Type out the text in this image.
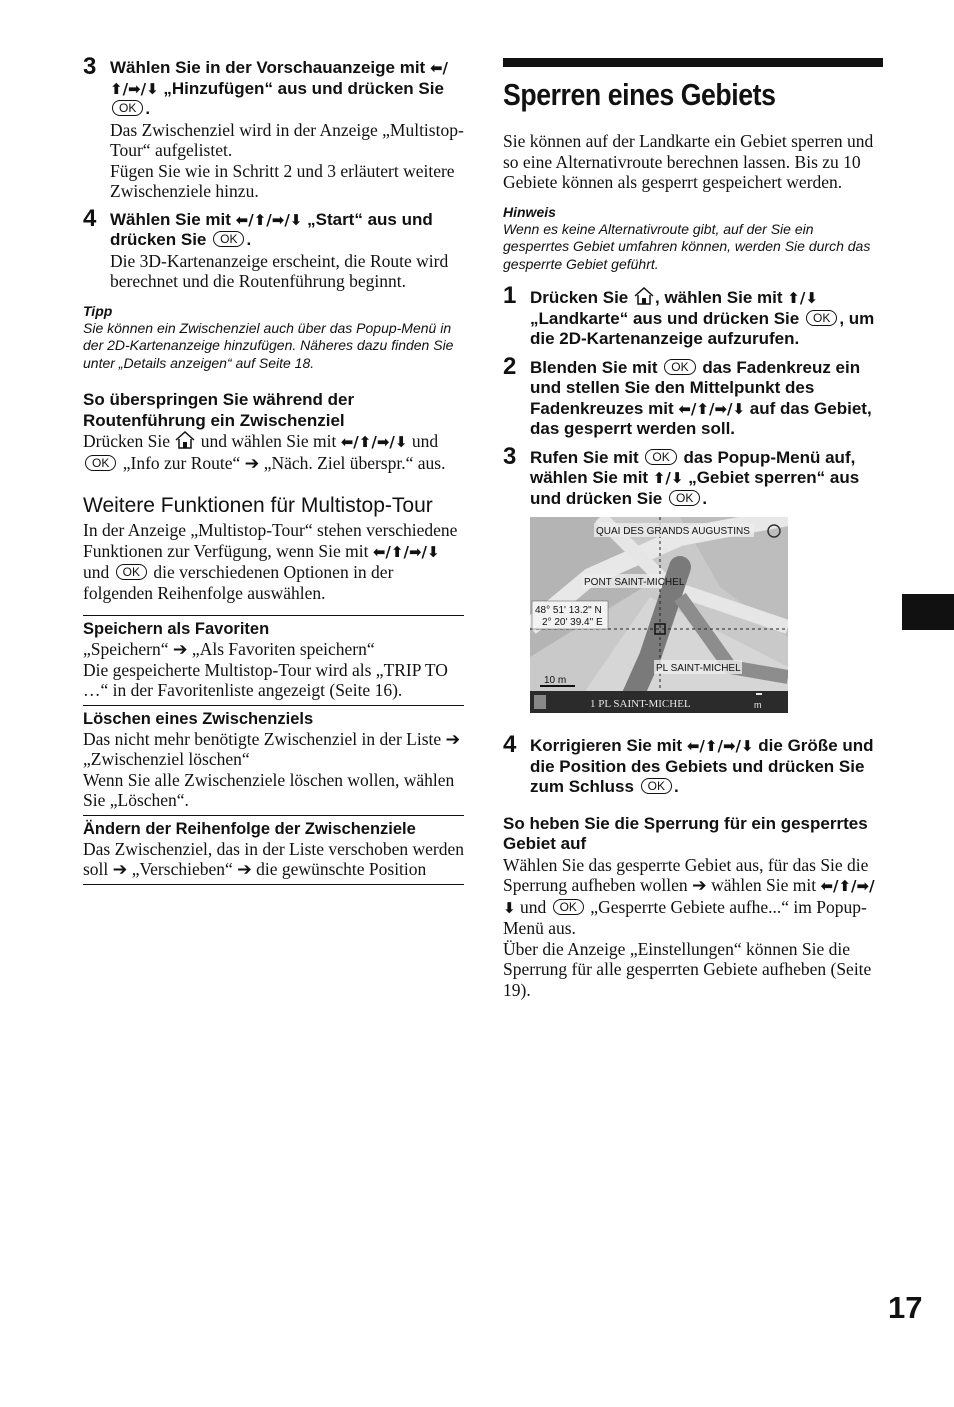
3 Wählen Sie in der Vorschauanzeige mit ⬅/⬆/➡/⬇ „Hinzufügen“ aus und drücken Sie OK .
Das Zwischenziel wird in der Anzeige „Multistop-Tour“ aufgelistet.
Fügen Sie wie in Schritt 2 und 3 erläutert weitere Zwischenziele hinzu.
4 Wählen Sie mit ⬅/⬆/➡/⬇ „Start“ aus und drücken Sie OK .
Die 3D-Kartenanzeige erscheint, die Route wird berechnet und die Routenführung beginnt.
Tipp
Sie können ein Zwischenziel auch über das Popup-Menü in der 2D-Kartenanzeige hinzufügen. Näheres dazu finden Sie unter „Details anzeigen“ auf Seite 18.
So überspringen Sie während der Routenführung ein Zwischenziel
Drücken Sie und wählen Sie mit ⬅/⬆/➡/⬇ und OK „Info zur Route“ ➔ „Näch. Ziel überspr.“ aus.
Weitere Funktionen für Multistop-Tour
In der Anzeige „Multistop-Tour“ stehen verschiedene Funktionen zur Verfügung, wenn Sie mit ⬅/⬆/➡/⬇ und OK die verschiedenen Optionen in der folgenden Reihenfolge auswählen.
Speichern als Favoriten
„Speichern“ ➔ „Als Favoriten speichern“
Die gespeicherte Multistop-Tour wird als „TRIP TO …“ in der Favoritenliste angezeigt (Seite 16).
Löschen eines Zwischenziels
Das nicht mehr benötigte Zwischenziel in der Liste ➔ „Zwischenziel löschen“
Wenn Sie alle Zwischenziele löschen wollen, wählen Sie „Löschen“.
Ändern der Reihenfolge der Zwischenziele
Das Zwischenziel, das in der Liste verschoben werden soll ➔ „Verschieben“ ➔ die gewünschte Position
Sperren eines Gebiets
Sie können auf der Landkarte ein Gebiet sperren und so eine Alternativroute berechnen lassen. Bis zu 10 Gebiete können als gesperrt gespeichert werden.
Hinweis
Wenn es keine Alternativroute gibt, auf der Sie ein gesperrtes Gebiet umfahren können, werden Sie durch das gesperrte Gebiet geführt.
1 Drücken Sie , wählen Sie mit ⬆/⬇ „Landkarte“ aus und drücken Sie OK , um die 2D-Kartenanzeige aufzurufen.
2 Blenden Sie mit OK das Fadenkreuz ein und stellen Sie den Mittelpunkt des Fadenkreuzes mit ⬅/⬆/➡/⬇ auf das Gebiet, das gesperrt werden soll.
3 Rufen Sie mit OK das Popup-Menü auf, wählen Sie mit ⬆/⬇ „Gebiet sperren“ aus und drücken Sie OK .
QUAI DES GRANDS AUGUSTINS
PONT SAINT-MICHEL
48° 51' 13.2" N
2° 20' 39.4" E
PL SAINT-MICHEL
10 m
1 PL SAINT-MICHEL	m
4 Korrigieren Sie mit ⬅/⬆/➡/⬇ die Größe und die Position des Gebiets und drücken Sie zum Schluss OK .
So heben Sie die Sperrung für ein gesperrtes Gebiet auf
Wählen Sie das gesperrte Gebiet aus, für das Sie die Sperrung aufheben wollen ➔ wählen Sie mit ⬅/⬆/➡/⬇ und OK „Gesperrte Gebiete aufhe...“ im Popup-Menü aus.
Über die Anzeige „Einstellungen“ können Sie die Sperrung für alle gesperrten Gebiete aufheben (Seite 19).
17
